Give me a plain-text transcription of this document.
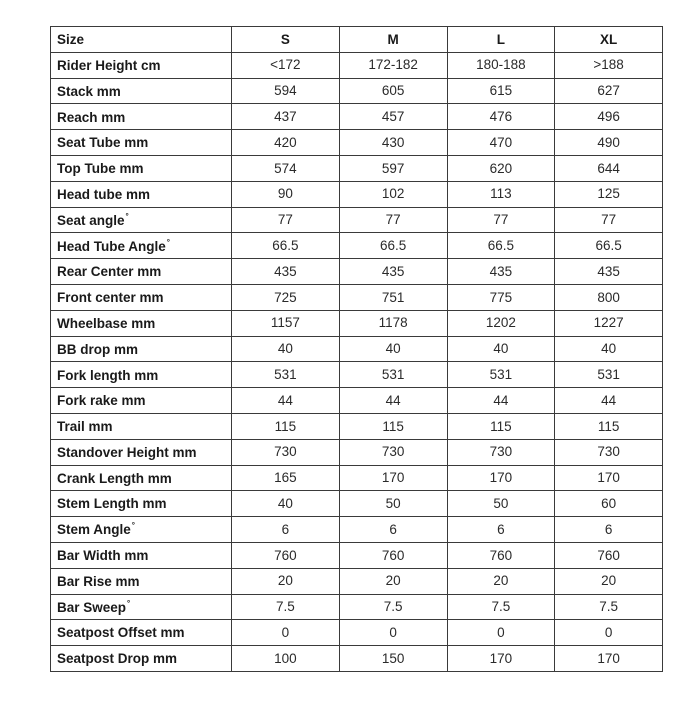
Size	S	M	L	XL
Rider Height cm	<172	172-182	180-188	>188
Stack mm	594	605	615	627
Reach mm	437	457	476	496
Seat Tube mm	420	430	470	490
Top Tube mm	574	597	620	644
Head tube mm	90	102	113	125
Seat angle°	77	77	77	77
Head Tube Angle°	66.5	66.5	66.5	66.5
Rear Center mm	435	435	435	435
Front center mm	725	751	775	800
Wheelbase mm	1157	1178	1202	1227
BB drop mm	40	40	40	40
Fork length mm	531	531	531	531
Fork rake mm	44	44	44	44
Trail mm	115	115	115	115
Standover Height mm	730	730	730	730
Crank Length mm	165	170	170	170
Stem Length mm	40	50	50	60
Stem Angle°	6	6	6	6
Bar Width mm	760	760	760	760
Bar Rise mm	20	20	20	20
Bar Sweep°	7.5	7.5	7.5	7.5
Seatpost Offset mm	0	0	0	0
Seatpost Drop mm	100	150	170	170
